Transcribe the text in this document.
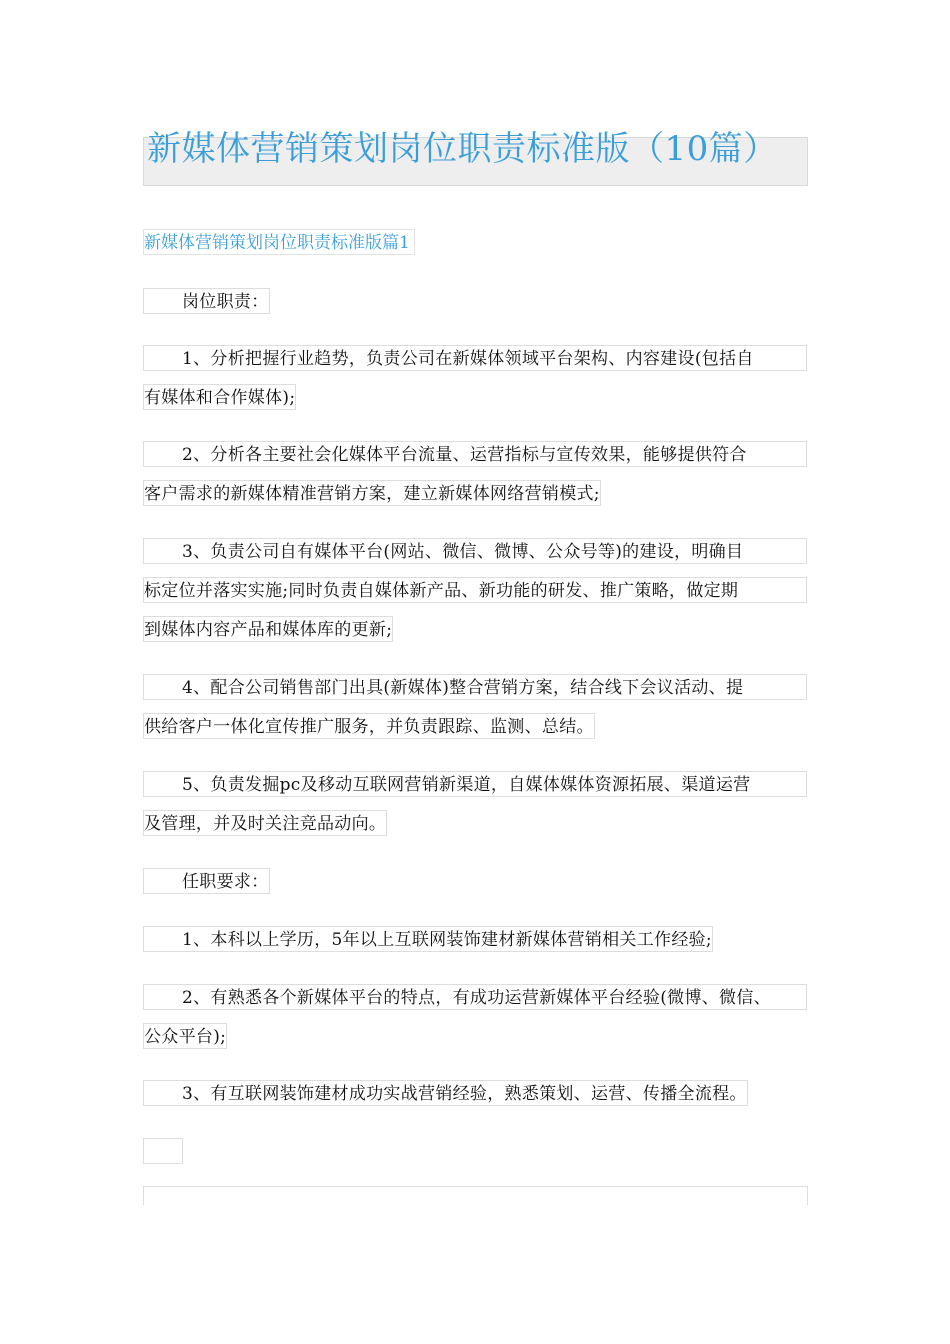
新媒体营销策划岗位职责标准版（10篇）
新媒体营销策划岗位职责标准版篇1
岗位职责：
1、分析把握行业趋势，负责公司在新媒体领域平台架构、内容建设(包括自
有媒体和合作媒体);
2、分析各主要社会化媒体平台流量、运营指标与宣传效果，能够提供符合
客户需求的新媒体精准营销方案，建立新媒体网络营销模式;
3、负责公司自有媒体平台(网站、微信、微博、公众号等)的建设，明确目
标定位并落实实施;同时负责自媒体新产品、新功能的研发、推广策略，做定期
到媒体内容产品和媒体库的更新;
4、配合公司销售部门出具(新媒体)整合营销方案，结合线下会议活动、提
供给客户一体化宣传推广服务，并负责跟踪、监测、总结。
5、负责发掘pc及移动互联网营销新渠道，自媒体媒体资源拓展、渠道运营
及管理，并及时关注竞品动向。
任职要求：
1、本科以上学历，5年以上互联网装饰建材新媒体营销相关工作经验;
2、有熟悉各个新媒体平台的特点，有成功运营新媒体平台经验(微博、微信、
公众平台);
3、有互联网装饰建材成功实战营销经验，熟悉策划、运营、传播全流程。
